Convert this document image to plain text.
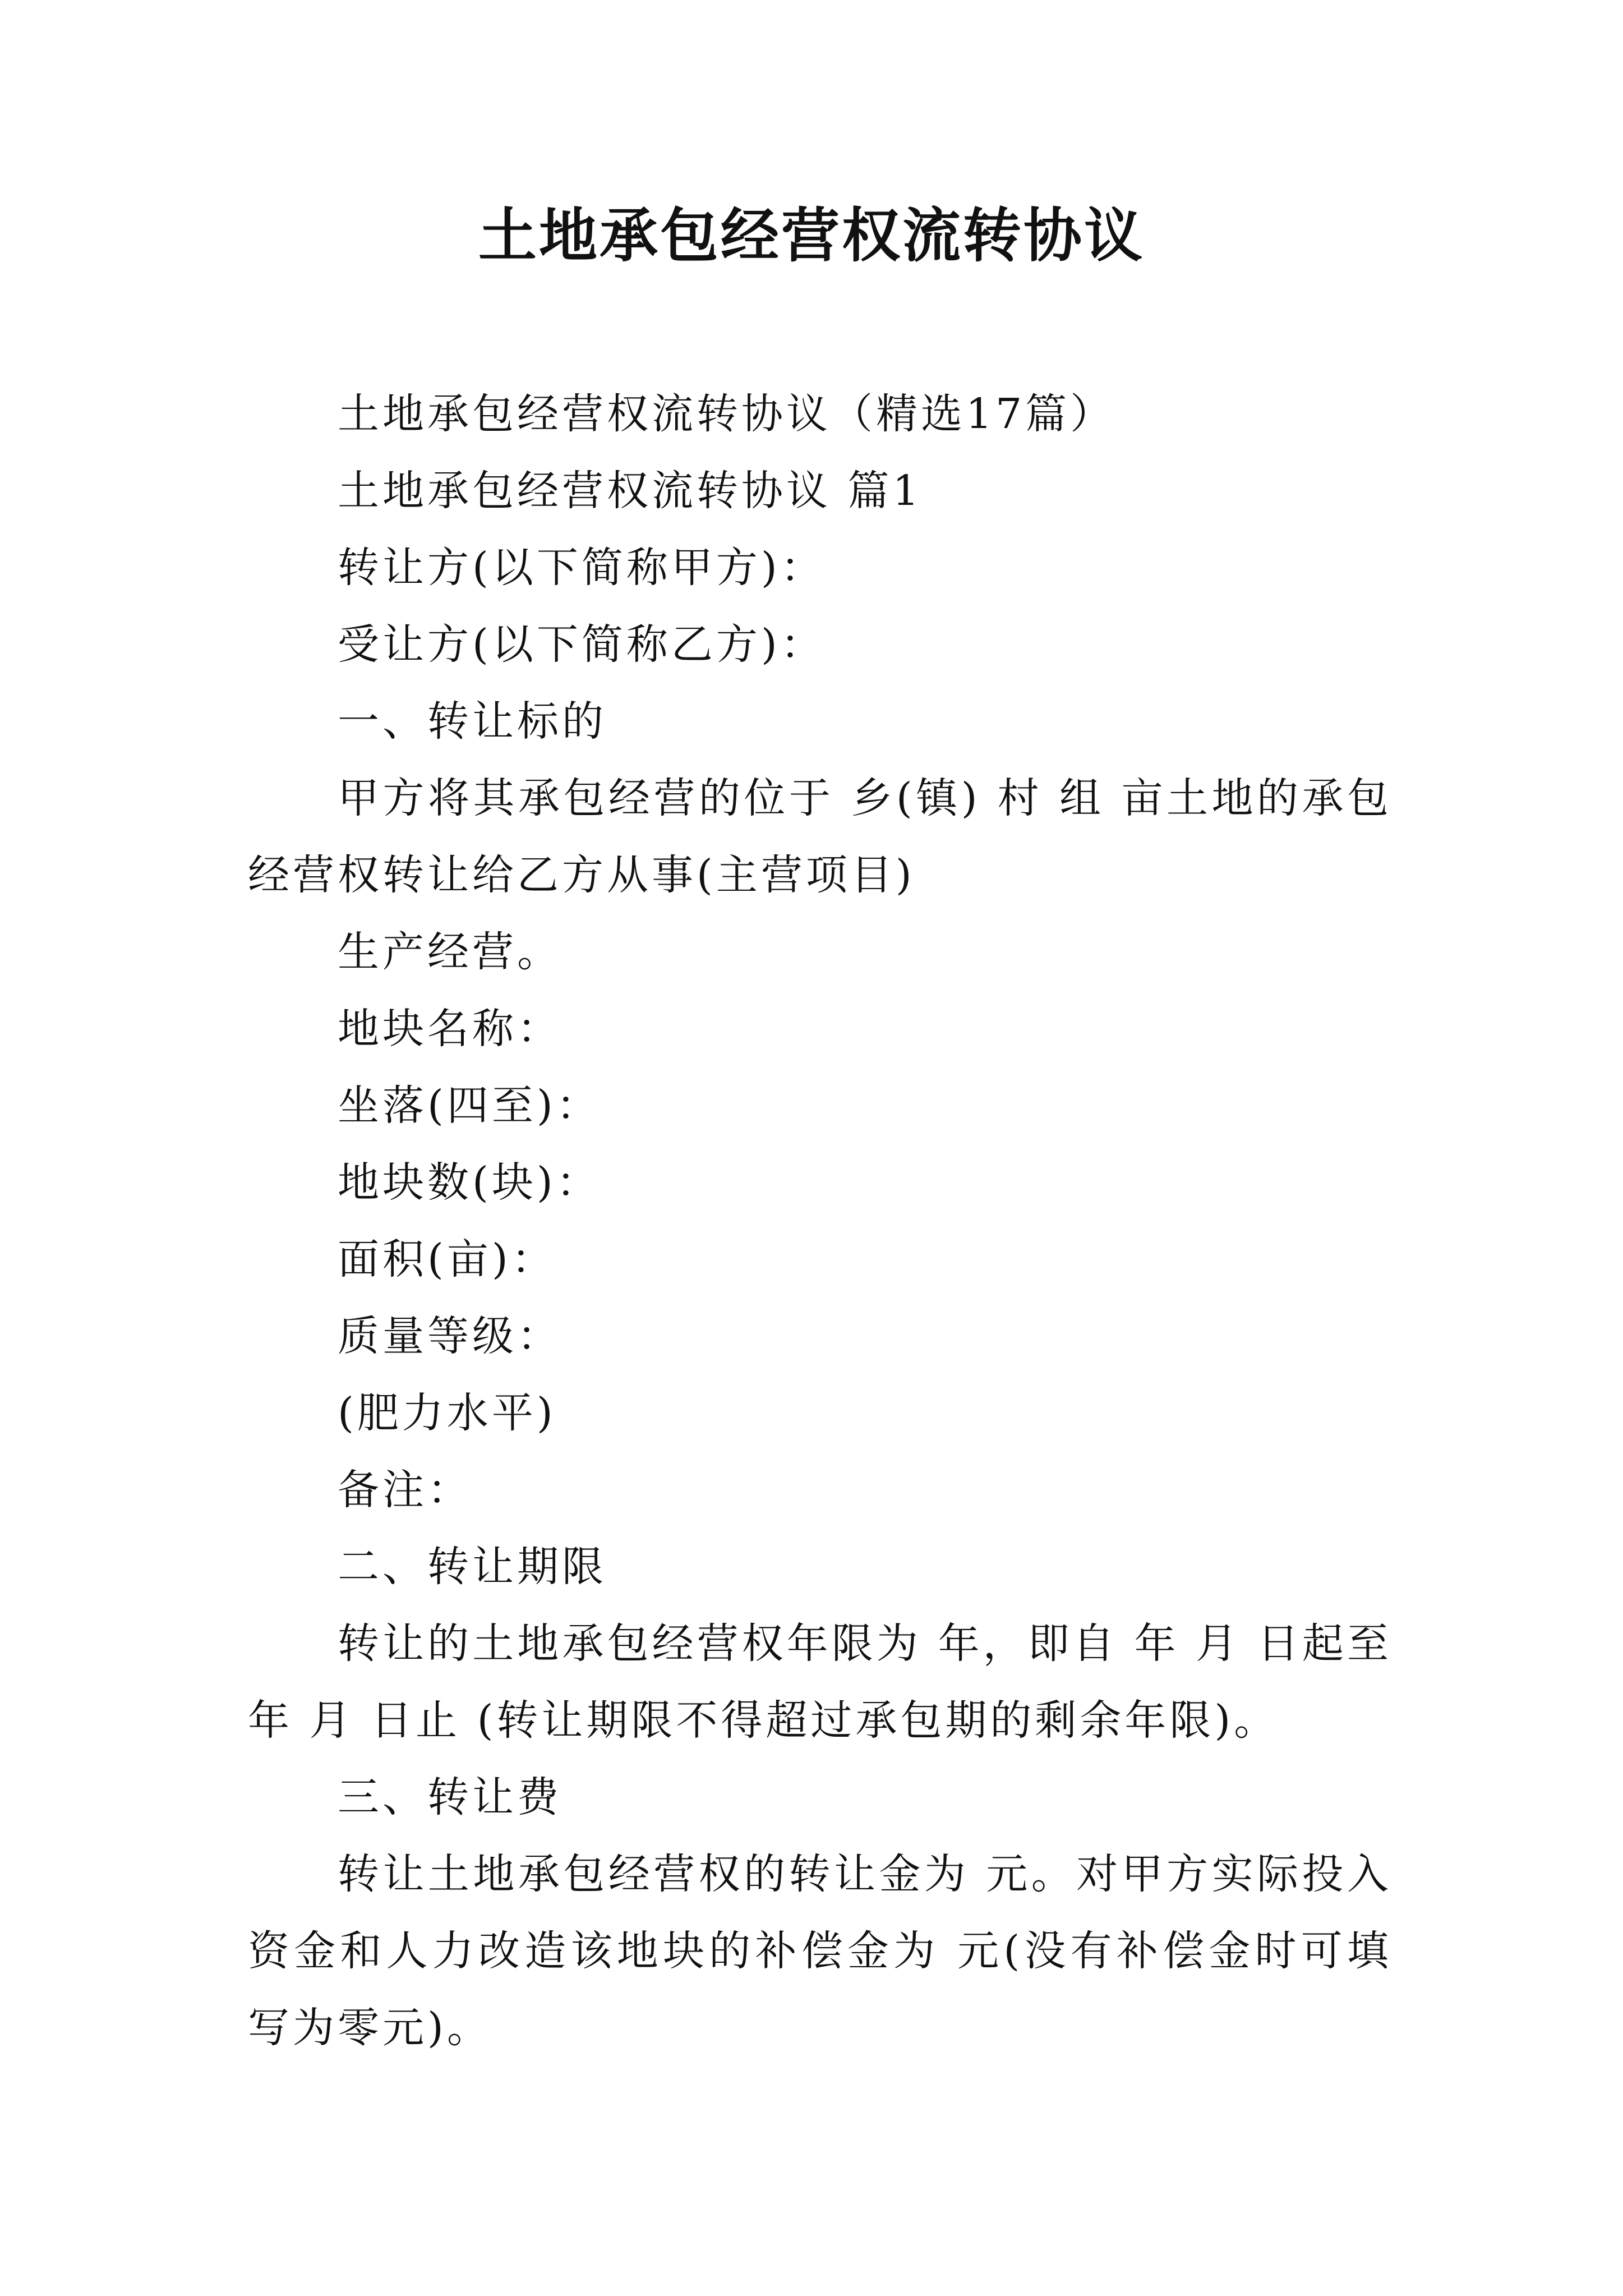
土地承包经营权流转协议

土地承包经营权流转协议（精选17篇）

土地承包经营权流转协议 篇1

转让方(以下简称甲方)：

受让方(以下简称乙方)：

一、转让标的

甲方将其承包经营的位于 乡(镇) 村 组 亩土地的承包经营权转让给乙方从事(主营项目)

生产经营。

地块名称：

坐落(四至)：

地块数(块)：

面积(亩)：

质量等级：

(肥力水平)

备注：

二、转让期限

转让的土地承包经营权年限为 年，即自 年 月 日起至 年 月 日止 (转让期限不得超过承包期的剩余年限)。

三、转让费

转让土地承包经营权的转让金为 元。对甲方实际投入资金和人力改造该地块的补偿金为 元(没有补偿金时可填写为零元)。
